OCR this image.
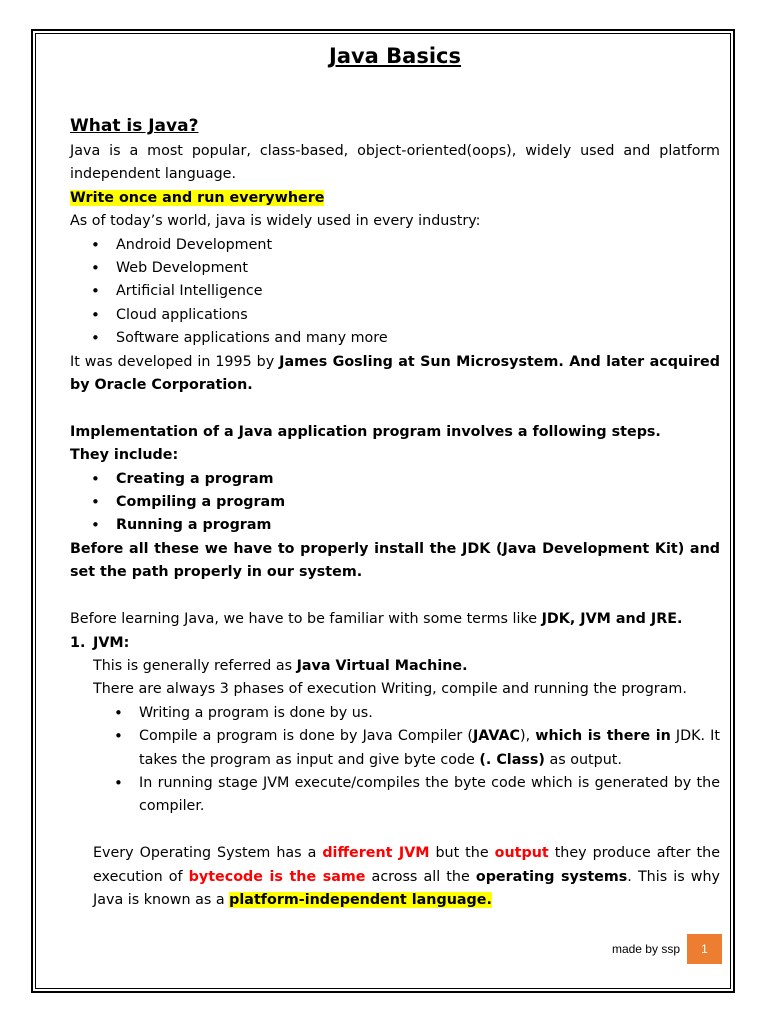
Java Basics
What is Java?

Java is a most popular, class-based, object-oriented(oops), widely used and platform independent language.

Write once and run everywhere

As of today’s world, java is widely used in every industry:

• Android Development
• Web Development
• Artificial Intelligence
• Cloud applications
• Software applications and many more

It was developed in 1995 by James Gosling at Sun Microsystem. And later acquired by Oracle Corporation.

Implementation of a Java application program involves a following steps.

They include:

• Creating a program
• Compiling a program
• Running a program

Before all these we have to properly install the JDK (Java Development Kit) and set the path properly in our system.

Before learning Java, we have to be familiar with some terms like JDK, JVM and JRE.

1. JVM:

This is generally referred as Java Virtual Machine.

There are always 3 phases of execution Writing, compile and running the program.

• Writing a program is done by us.
• Compile a program is done by Java Compiler (JAVAC), which is there in JDK. It takes the program as input and give byte code (. Class) as output.
• In running stage JVM execute/compiles the byte code which is generated by the compiler.

Every Operating System has a different JVM but the output they produce after the execution of bytecode is the same across all the operating systems. This is why Java is known as a platform-independent language.

made by ssp	1
